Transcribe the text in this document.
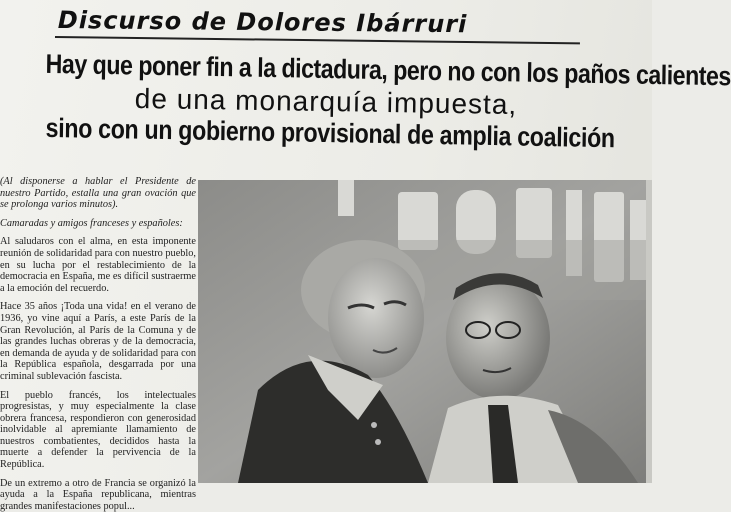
Discurso de Dolores Ibárruri
Hay que poner fin a la dictadura, pero no con los paños calientes
de una monarquía impuesta,
sino con un gobierno provisional de amplia coalición

(Al disponerse a hablar el Presidente de nuestro Partido, estalla una gran ovación que se prolonga varios minutos).

Camaradas y amigos franceses y españoles:

Al saludaros con el alma, en esta imponente reunión de solidaridad para con nuestro pueblo, en su lucha por el restablecimiento de la democracia en España, me es difícil sustraerme a la emoción del recuerdo.

Hace 35 años ¡Toda una vida! en el verano de 1936, yo vine aquí a París, a este París de la Gran Revolución, al París de la Comuna y de las grandes luchas obreras y de la democracia, en demanda de ayuda y de solidaridad para con la República española, desgarrada por una criminal sublevación fascista.

El pueblo francés, los intelectuales progresistas, y muy especialmente la clase obrera francesa, respondieron con generosidad inolvidable al apremiante llamamiento de nuestros combatientes, decididos hasta la muerte a defender la pervivencia de la República.

De un extremo a otro de Francia se organizó la ayuda a la España republicana, mientras grandes manifestaciones popul...
